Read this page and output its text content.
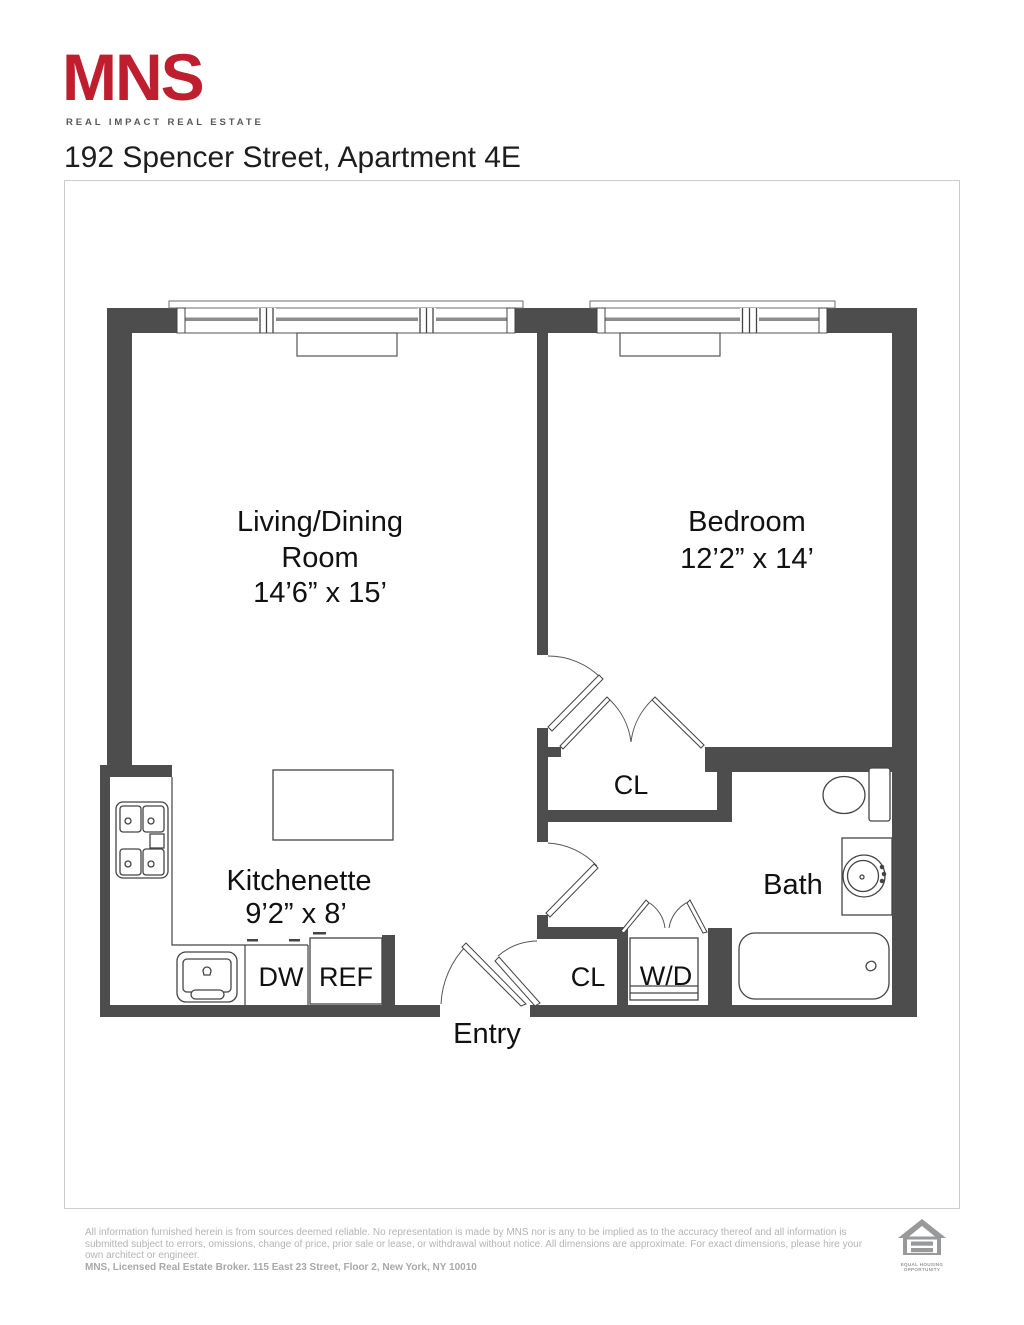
MNS
REAL IMPACT REAL ESTATE
192 Spencer Street, Apartment 4E
Living/Dining
Room
14’6” x 15’
Bedroom
12’2” x 14’
Kitchenette
9’2” x 8’
Bath
CL
CL W/D
DW REF
Entry
All information furnished herein is from sources deemed reliable. No representation is made by MNS nor is any to be implied as to the accuracy thereof and all information is submitted subject to errors, omissions, change of price, prior sale or lease, or withdrawal without notice. All dimensions are approximate. For exact dimensions, please hire your own architect or engineer.
MNS, Licensed Real Estate Broker. 115 East 23 Street, Floor 2, New York, NY 10010	EQUAL HOUSING
OPPORTUNITY
